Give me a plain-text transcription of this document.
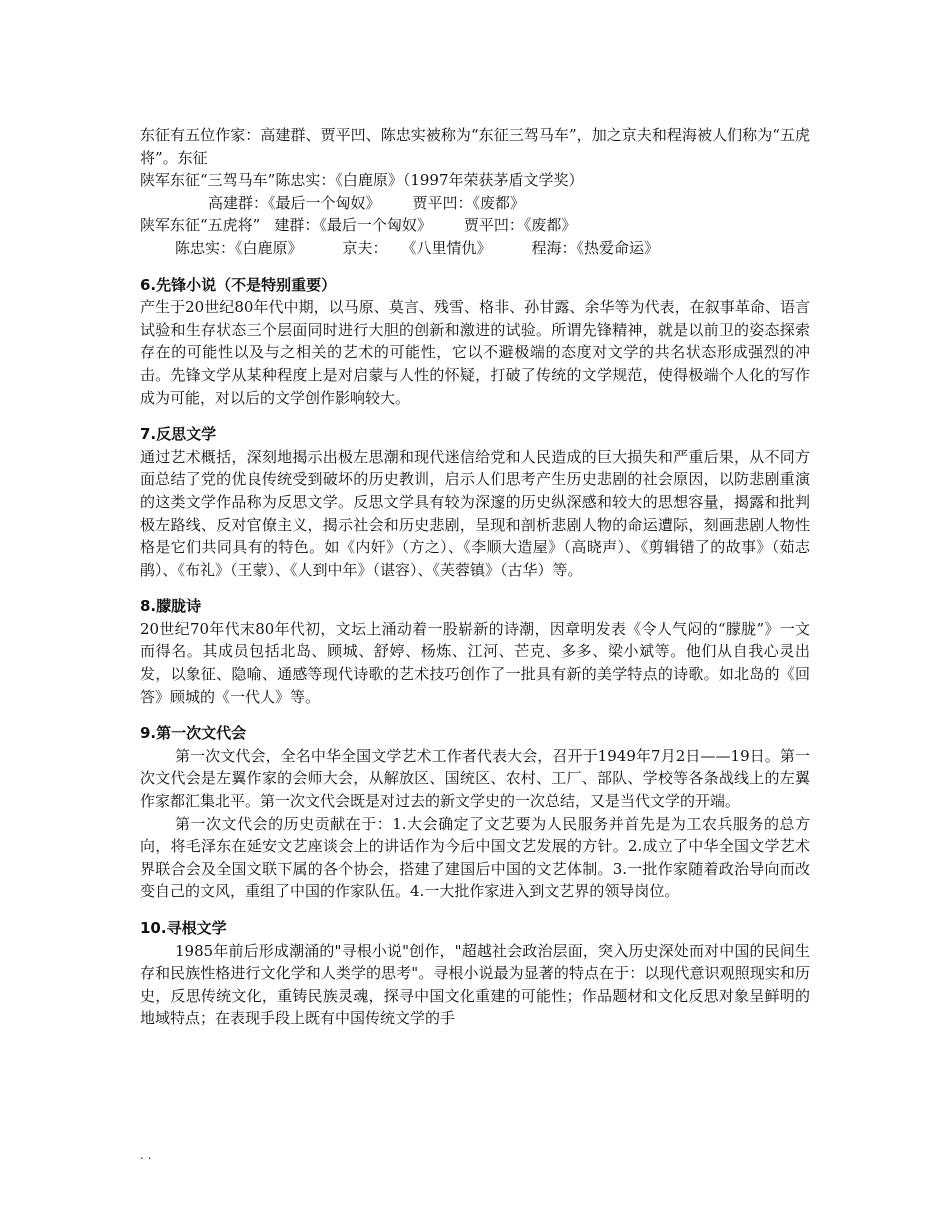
东征有五位作家：高建群、贾平凹、陈忠实被称为“东征三驾马车”，加之京夫和程海被人们称为“五虎将”。东征

陕军东征“三驾马车”陈忠实：《白鹿原》（1997年荣获茅盾文学奖）

高建群：《最后一个匈奴》 贾平凹：《废都》

陕军东征“五虎将” 建群：《最后一个匈奴》 贾平凹：《废都》

陈忠实：《白鹿原》	京夫： 《八里情仇》	程海：《热爱命运》

6.先锋小说（不是特别重要）

产生于20世纪80年代中期，以马原、莫言、残雪、格非、孙甘露、余华等为代表，在叙事革命、语言试验和生存状态三个层面同时进行大胆的创新和激进的试验。所谓先锋精神，就是以前卫的姿态探索存在的可能性以及与之相关的艺术的可能性，它以不避极端的态度对文学的共名状态形成强烈的冲击。先锋文学从某种程度上是对启蒙与人性的怀疑，打破了传统的文学规范，使得极端个人化的写作成为可能，对以后的文学创作影响较大。

7.反思文学

通过艺术概括，深刻地揭示出极左思潮和现代迷信给党和人民造成的巨大损失和严重后果，从不同方面总结了党的优良传统受到破坏的历史教训，启示人们思考产生历史悲剧的社会原因，以防悲剧重演的这类文学作品称为反思文学。反思文学具有较为深邃的历史纵深感和较大的思想容量，揭露和批判极左路线、反对官僚主义，揭示社会和历史悲剧，呈现和剖析悲剧人物的命运遭际，刻画悲剧人物性格是它们共同具有的特色。如《内奸》（方之）、《李顺大造屋》（高晓声）、《剪辑错了的故事》（茹志鹃）、《布礼》（王蒙）、《人到中年》（谌容）、《芙蓉镇》（古华）等。

8.朦胧诗

20世纪70年代末80年代初，文坛上涌动着一股崭新的诗潮，因章明发表《令人气闷的“朦胧”》一文而得名。其成员包括北岛、顾城、舒婷、杨炼、江河、芒克、多多、梁小斌等。他们从自我心灵出发，以象征、隐喻、通感等现代诗歌的艺术技巧创作了一批具有新的美学特点的诗歌。如北岛的《回答》顾城的《一代人》等。

9.第一次文代会

第一次文代会，全名中华全国文学艺术工作者代表大会，召开于1949年7月2日——19日。第一次文代会是左翼作家的会师大会，从解放区、国统区、农村、工厂、部队、学校等各条战线上的左翼作家都汇集北平。第一次文代会既是对过去的新文学史的一次总结，又是当代文学的开端。

第一次文代会的历史贡献在于：1.大会确定了文艺要为人民服务并首先是为工农兵服务的总方向，将毛泽东在延安文艺座谈会上的讲话作为今后中国文艺发展的方针。2.成立了中华全国文学艺术界联合会及全国文联下属的各个协会，搭建了建国后中国的文艺体制。3.一批作家随着政治导向而改变自己的文风，重组了中国的作家队伍。4.一大批作家进入到文艺界的领导岗位。

10.寻根文学

1985年前后形成潮涌的"寻根小说"创作，"超越社会政治层面，突入历史深处而对中国的民间生存和民族性格进行文化学和人类学的思考"。寻根小说最为显著的特点在于：以现代意识观照现实和历史，反思传统文化，重铸民族灵魂，探寻中国文化重建的可能性；作品题材和文化反思对象呈鲜明的地域特点；在表现手段上既有中国传统文学的手

. .
